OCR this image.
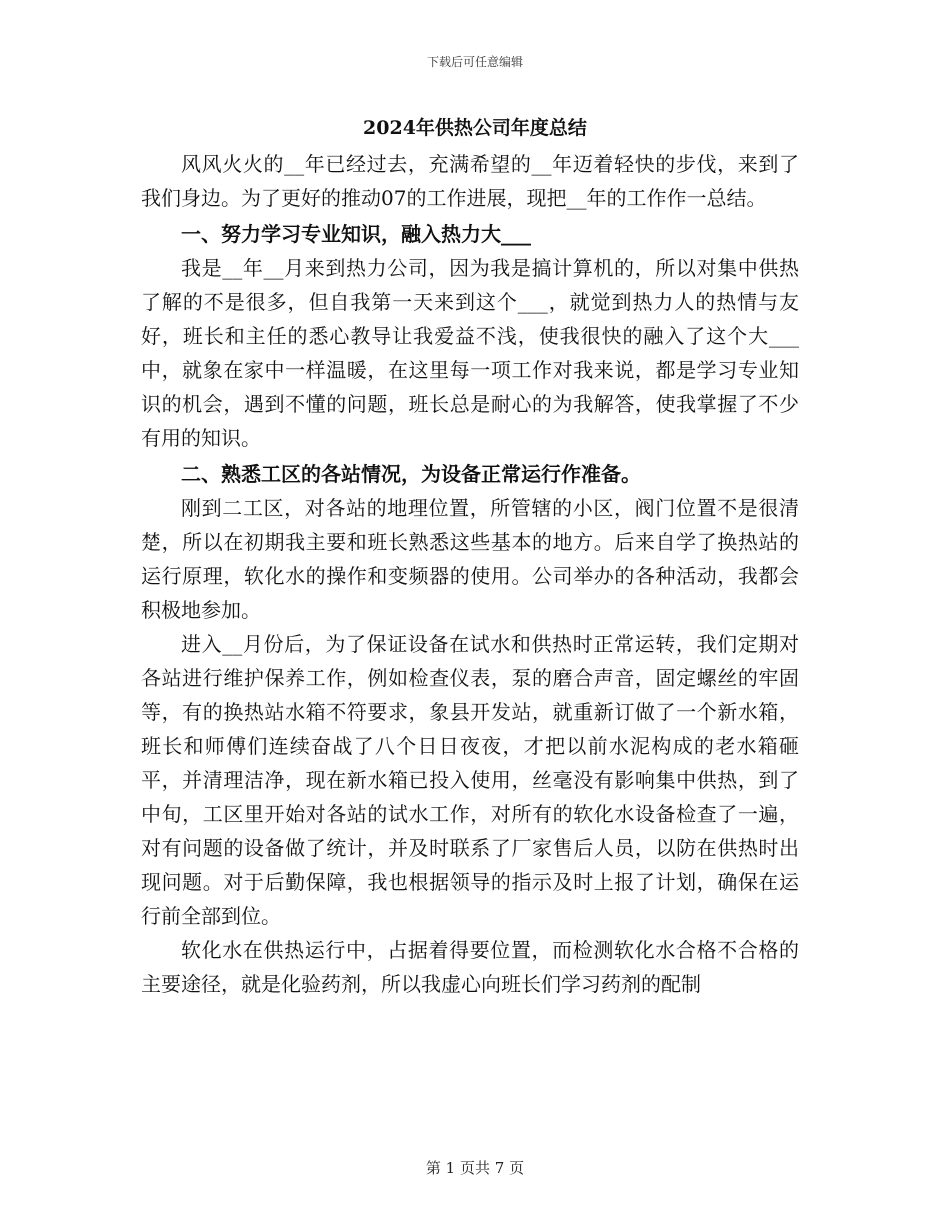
下载后可任意编辑
2024年供热公司年度总结

风风火火的__年已经过去，充满希望的__年迈着轻快的步伐，来到了我们身边。为了更好的推动07的工作进展，现把__年的工作作一总结。

一、努力学习专业知识，融入热力大___

我是__年__月来到热力公司，因为我是搞计算机的，所以对集中供热了解的不是很多，但自我第一天来到这个___，就觉到热力人的热情与友好，班长和主任的悉心教导让我爱益不浅，使我很快的融入了这个大___中，就象在家中一样温暖，在这里每一项工作对我来说，都是学习专业知识的机会，遇到不懂的问题，班长总是耐心的为我解答，使我掌握了不少有用的知识。

二、熟悉工区的各站情况，为设备正常运行作准备。

刚到二工区，对各站的地理位置，所管辖的小区，阀门位置不是很清楚，所以在初期我主要和班长熟悉这些基本的地方。后来自学了换热站的运行原理，软化水的操作和变频器的使用。公司举办的各种活动，我都会积极地参加。

进入__月份后，为了保证设备在试水和供热时正常运转，我们定期对各站进行维护保养工作，例如检查仪表，泵的磨合声音，固定螺丝的牢固等，有的换热站水箱不符要求，象县开发站，就重新订做了一个新水箱，班长和师傅们连续奋战了八个日日夜夜，才把以前水泥构成的老水箱砸平，并清理洁净，现在新水箱已投入使用，丝毫没有影响集中供热，到了中旬，工区里开始对各站的试水工作，对所有的软化水设备检查了一遍，对有问题的设备做了统计，并及时联系了厂家售后人员，以防在供热时出现问题。对于后勤保障，我也根据领导的指示及时上报了计划，确保在运行前全部到位。

软化水在供热运行中，占据着得要位置，而检测软化水合格不合格的主要途径，就是化验药剂，所以我虚心向班长们学习药剂的配制

第 1 页共 7 页
